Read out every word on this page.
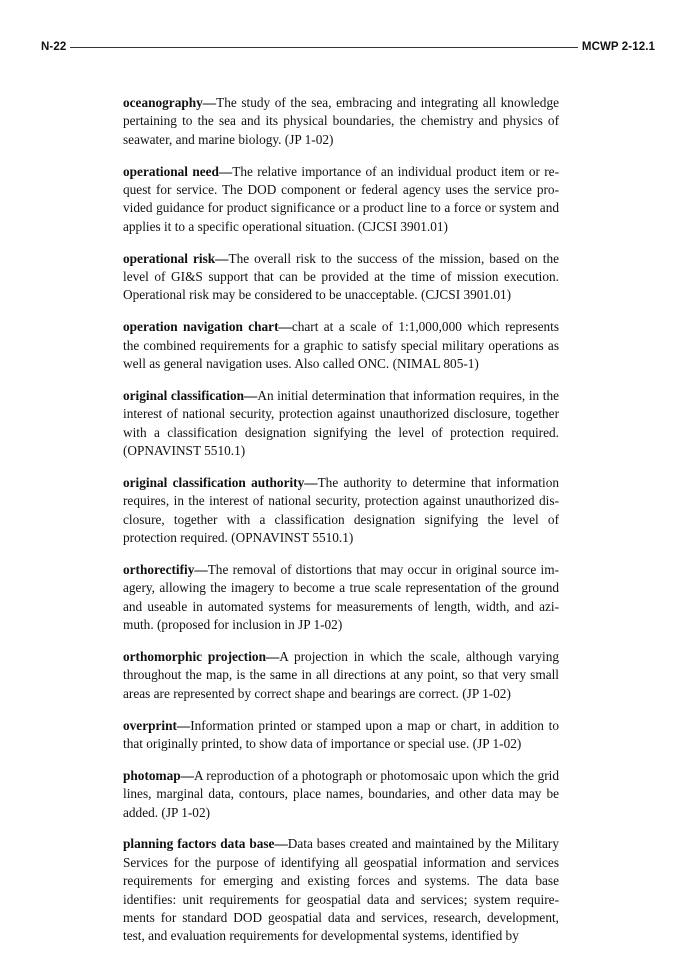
N-22	MCWP 2-12.1

oceanography—The study of the sea, embracing and integrating all knowledge pertaining to the sea and its physical boundaries, the chemistry and physics of seawater, and marine biology. (JP 1-02)

operational need—The relative importance of an individual product item or request for service. The DOD component or federal agency uses the service provided guidance for product significance or a product line to a force or system and applies it to a specific operational situation. (CJCSI 3901.01)

operational risk—The overall risk to the success of the mission, based on the level of GI&S support that can be provided at the time of mission execution. Operational risk may be considered to be unacceptable. (CJCSI 3901.01)

operation navigation chart—chart at a scale of 1:1,000,000 which represents the combined requirements for a graphic to satisfy special military operations as well as general navigation uses. Also called ONC. (NIMAL 805-1)

original classification—An initial determination that information requires, in the interest of national security, protection against unauthorized disclosure, together with a classification designation signifying the level of protection required. (OPNAVINST 5510.1)

original classification authority—The authority to determine that information requires, in the interest of national security, protection against unauthorized disclosure, together with a classification designation signifying the level of protection required. (OPNAVINST 5510.1)

orthorectifiy—The removal of distortions that may occur in original source imagery, allowing the imagery to become a true scale representation of the ground and useable in automated systems for measurements of length, width, and azimuth. (proposed for inclusion in JP 1-02)

orthomorphic projection—A projection in which the scale, although varying throughout the map, is the same in all directions at any point, so that very small areas are represented by correct shape and bearings are correct. (JP 1-02)

overprint—Information printed or stamped upon a map or chart, in addition to that originally printed, to show data of importance or special use. (JP 1-02)

photomap—A reproduction of a photograph or photomosaic upon which the grid lines, marginal data, contours, place names, boundaries, and other data may be added. (JP 1-02)

planning factors data base—Data bases created and maintained by the Military Services for the purpose of identifying all geospatial information and services requirements for emerging and existing forces and systems. The data base identifies: unit requirements for geospatial data and services; system requirements for standard DOD geospatial data and services, research, development, test, and evaluation requirements for developmental systems, identified by
